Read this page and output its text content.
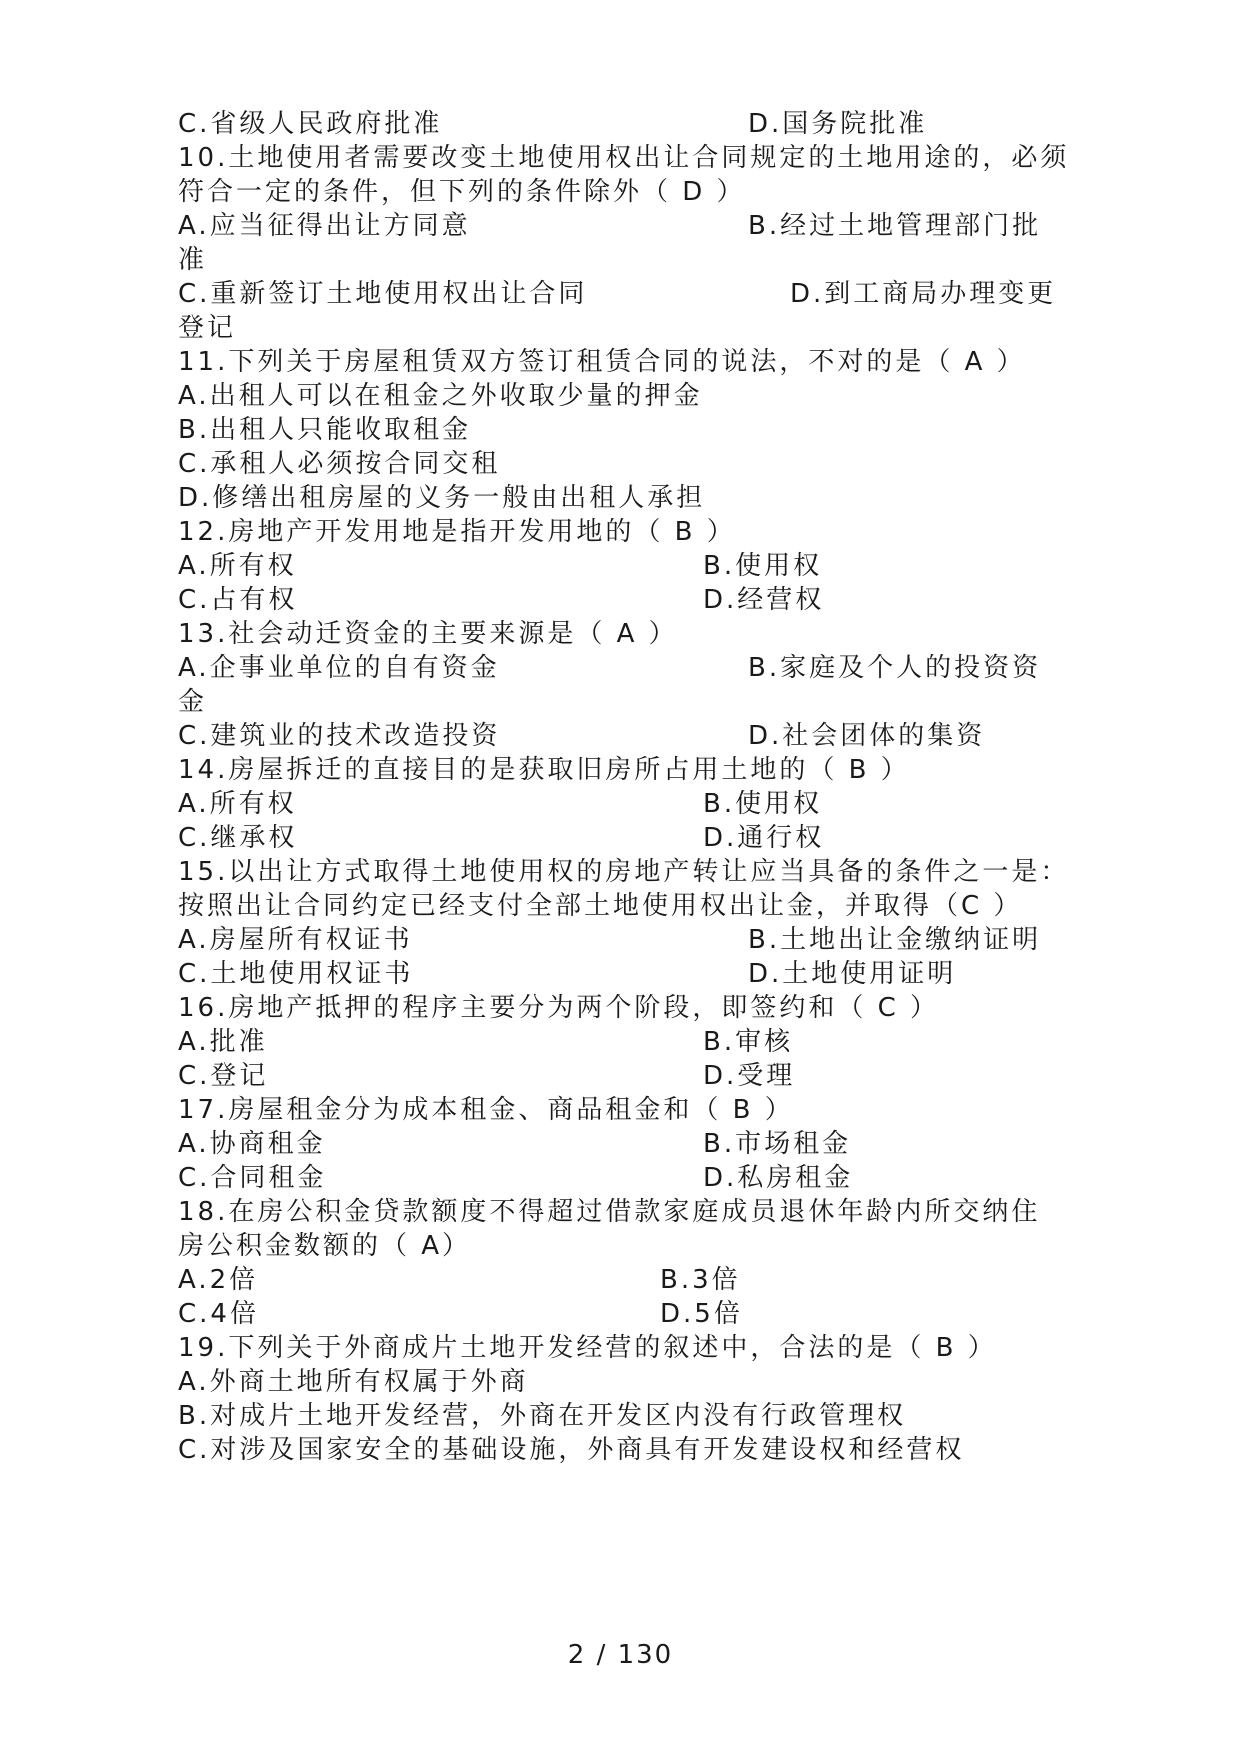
C.省级人民政府批准	D.国务院批准
10.土地使用者需要改变土地使用权出让合同规定的土地用途的，必须
符合一定的条件，但下列的条件除外（ D ）
A.应当征得出让方同意	B.经过土地管理部门批
准
C.重新签订土地使用权出让合同	D.到工商局办理变更
登记
11.下列关于房屋租赁双方签订租赁合同的说法，不对的是（ A ）
A.出租人可以在租金之外收取少量的押金
B.出租人只能收取租金
C.承租人必须按合同交租
D.修缮出租房屋的义务一般由出租人承担
12.房地产开发用地是指开发用地的（ B ）
A.所有权	B.使用权
C.占有权	D.经营权
13.社会动迁资金的主要来源是（ A ）
A.企事业单位的自有资金	B.家庭及个人的投资资
金
C.建筑业的技术改造投资	D.社会团体的集资
14.房屋拆迁的直接目的是获取旧房所占用土地的（ B ）
A.所有权	B.使用权
C.继承权	D.通行权
15.以出让方式取得土地使用权的房地产转让应当具备的条件之一是：
按照出让合同约定已经支付全部土地使用权出让金，并取得（C ）
A.房屋所有权证书	B.土地出让金缴纳证明
C.土地使用权证书	D.土地使用证明
16.房地产抵押的程序主要分为两个阶段，即签约和（ C ）
A.批准	B.审核
C.登记	D.受理
17.房屋租金分为成本租金、商品租金和（ B ）
A.协商租金	B.市场租金
C.合同租金	D.私房租金
18.在房公积金贷款额度不得超过借款家庭成员退休年龄内所交纳住
房公积金数额的（ A）
A.2倍	B.3倍
C.4倍	D.5倍
19.下列关于外商成片土地开发经营的叙述中，合法的是（ B ）
A.外商土地所有权属于外商
B.对成片土地开发经营，外商在开发区内没有行政管理权
C.对涉及国家安全的基础设施，外商具有开发建设权和经营权
2 / 130
